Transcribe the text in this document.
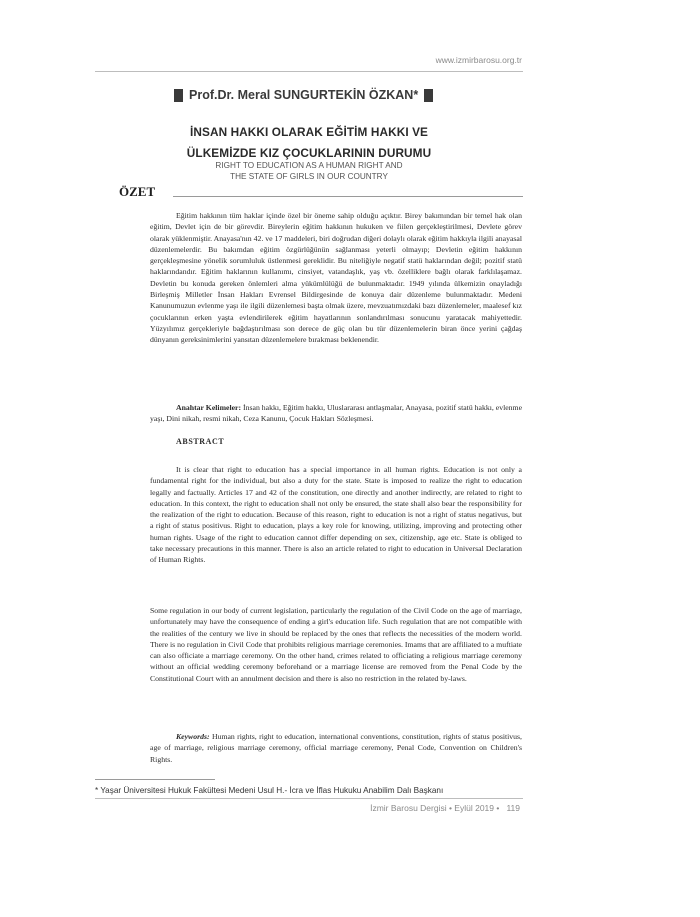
www.izmirbarosu.org.tr
Prof.Dr. Meral SUNGURTEKİN ÖZKAN*
İNSAN HAKKI OLARAK EĞİTİM HAKKI VE
ÜLKEMİZDE KIZ ÇOCUKLARININ DURUMU
RIGHT TO EDUCATION AS A HUMAN RIGHT AND
THE STATE OF GIRLS IN OUR COUNTRY
ÖZET

Eğitim hakkının tüm haklar içinde özel bir öneme sahip olduğu açıktır. Birey bakımından bir temel hak olan eğitim, Devlet için de bir görevdir. Bireylerin eğitim hakkının hukuken ve fiilen gerçekleştirilmesi, Devlete görev olarak yüklenmiştir. Anayasa'nın 42. ve 17 maddeleri, biri doğrudan diğeri dolaylı olarak eğitim hakkıyla ilgili anayasal düzenlemelerdir. Bu bakımdan eğitim özgürlüğünün sağlanması yeterli olmayıp; Devletin eğitim hakkının gerçekleşmesine yönelik sorumluluk üstlenmesi gereklidir. Bu niteliğiyle negatif statü haklarından değil; pozitif statü haklarındandır. Eğitim haklarının kullanımı, cinsiyet, vatandaşlık, yaş vb. özelliklere bağlı olarak farklılaşamaz. Devletin bu konuda gereken önlemleri alma yükümlülüğü de bulunmaktadır. 1949 yılında ülkemizin onayladığı Birleşmiş Milletler İnsan Hakları Evrensel Bildirgesinde de konuya dair düzenleme bulunmaktadır. Medeni Kanunumuzun evlenme yaşı ile ilgili düzenlemesi başta olmak üzere, mevzuatımızdaki bazı düzenlemeler, maalesef kız çocuklarının erken yaşta evlendirilerek eğitim hayatlarının sonlandırılması sonucunu yaratacak mahiyettedir. Yüzyılımız gerçekleriyle bağdaştırılması son derece de güç olan bu tür düzenlemelerin biran önce yerini çağdaş dünyanın gereksinimlerini yansıtan düzenlemelere bırakması beklenendir.

Anahtar Kelimeler: İnsan hakkı, Eğitim hakkı, Uluslararası antlaşmalar, Anayasa, pozitif statü hakkı, evlenme yaşı, Dini nikah, resmi nikah, Ceza Kanunu, Çocuk Hakları Sözleşmesi.

ABSTRACT

It is clear that right to education has a special importance in all human rights. Education is not only a fundamental right for the individual, but also a duty for the state. State is imposed to realize the right to education legally and factually. Articles 17 and 42 of the constitution, one directly and another indirectly, are related to right to education. In this context, the right to education shall not only be ensured, the state shall also bear the responsibility for the realization of the right to education. Because of this reason, right to education is not a right of status negativus, but a right of status positivus. Right to education, plays a key role for knowing, utilizing, improving and protecting other human rights. Usage of the right to education cannot differ depending on sex, citizenship, age etc. State is obliged to take necessary precautions in this manner. There is also an article related to right to education in Universal Declaration of Human Rights.

Some regulation in our body of current legislation, particularly the regulation of the Civil Code on the age of marriage, unfortunately may have the consequence of ending a girl's education life. Such regulation that are not compatible with the realities of the century we live in should be replaced by the ones that reflects the necessities of the modern world. There is no regulation in Civil Code that prohibits religious marriage ceremonies. Imams that are affiliated to a muftiate can also officiate a marriage ceremony. On the other hand, crimes related to officiating a religious marriage ceremony without an official wedding ceremony beforehand or a marriage license are removed from the Penal Code by the Constitutional Court with an annulment decision and there is also no restriction in the related by-laws.

Keywords: Human rights, right to education, international conventions, constitution, rights of status positivus, age of marriage, religious marriage ceremony, official marriage ceremony, Penal Code, Convention on Children's Rights.

* Yaşar Üniversitesi Hukuk Fakültesi Medeni Usul H.- İcra ve İflas Hukuku Anabilim Dalı Başkanı
İzmir Barosu Dergisi • Eylül 2019 • 119
